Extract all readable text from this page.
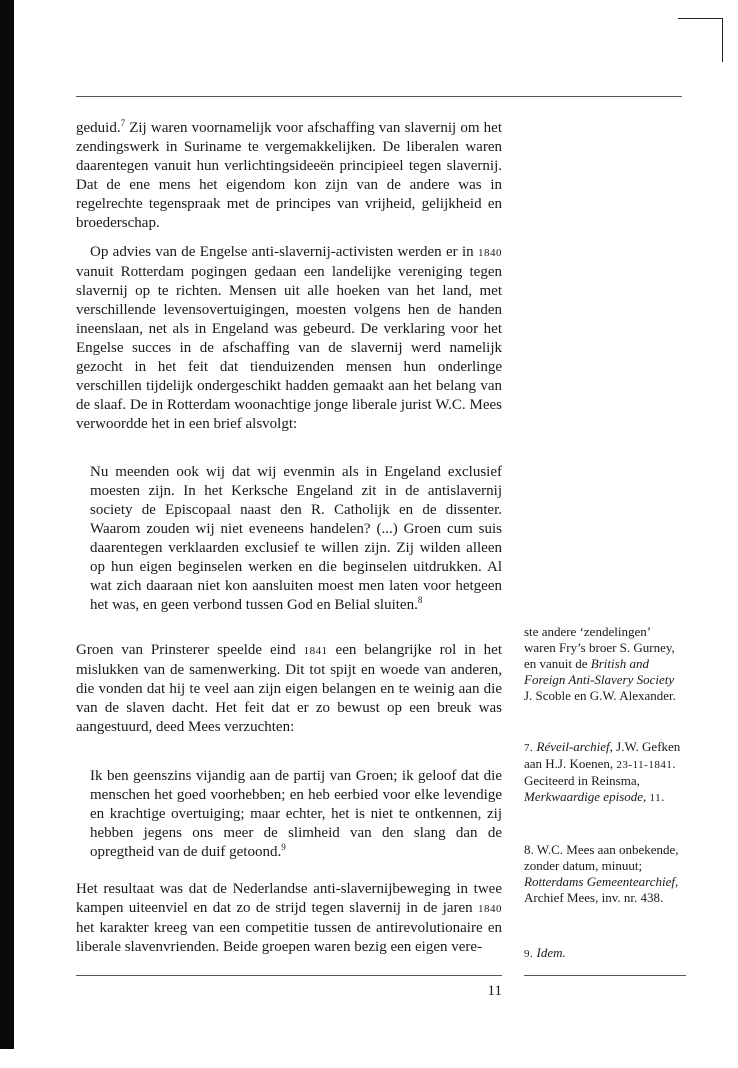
geduid.$^7$ Zij waren voornamelijk voor afschaffing van slavernij om het zendingswerk in Suriname te vergemakkelijken. De liberalen waren daarentegen vanuit hun verlichtingsideeën principieel tegen slavernij. Dat de ene mens het eigendom kon zijn van de andere was in regelrechte tegenspraak met de principes van vrijheid, gelijkheid en broederschap.

Op advies van de Engelse anti-slavernij-activisten werden er in 1840 vanuit Rotterdam pogingen gedaan een landelijke vereniging tegen slavernij op te richten. Mensen uit alle hoeken van het land, met verschillende levensovertuigingen, moesten volgens hen de handen ineenslaan, net als in Engeland was gebeurd. De verklaring voor het Engelse succes in de afschaffing van de slavernij werd namelijk gezocht in het feit dat tienduizenden mensen hun onderlinge verschillen tijdelijk ondergeschikt hadden gemaakt aan het belang van de slaaf. De in Rotterdam woonachtige jonge liberale jurist W.C. Mees verwoordde het in een brief alsvolgt:

Nu meenden ook wij dat wij evenmin als in Engeland exclusief moesten zijn. In het Kerksche Engeland zit in de antislavernij society de Episcopaal naast den R. Catholijk en de dissenter. Waarom zouden wij niet eveneens handelen? (...) Groen cum suis daarentegen verklaarden exclusief te willen zijn. Zij wilden alleen op hun eigen beginselen werken en die beginselen uitdrukken. Al wat zich daaraan niet kon aansluiten moest men laten voor hetgeen het was, en geen verbond tussen God en Belial sluiten.$^8$

Groen van Prinsterer speelde eind 1841 een belangrijke rol in het mislukken van de samenwerking. Dit tot spijt en woede van anderen, die vonden dat hij te veel aan zijn eigen belangen en te weinig aan die van de slaven dacht. Het feit dat er zo bewust op een breuk was aangestuurd, deed Mees verzuchten:

Ik ben geenszins vijandig aan de partij van Groen; ik geloof dat die menschen het goed voorhebben; en heb eerbied voor elke levendige en krachtige overtuiging; maar echter, het is niet te ontkennen, zij hebben jegens ons meer de slimheid van den slang dan de opregtheid van de duif getoond.$^9$

Het resultaat was dat de Nederlandse anti-slavernijbeweging in twee kampen uiteenviel en dat zo de strijd tegen slavernij in de jaren 1840 het karakter kreeg van een competitie tussen de antirevolutionaire en liberale slavenvrienden. Beide groepen waren bezig een eigen vere-

ste andere ‘zendelingen’ waren Fry’s broer S. Gurney, en vanuit de British and Foreign Anti-Slavery Society J. Scoble en G.W. Alexander.

7. Réveil-archief, J.W. Gefken aan H.J. Koenen, 23-11-1841. Geciteerd in Reinsma, Merkwaardige episode, 11.

8. W.C. Mees aan onbekende, zonder datum, minuut; Rotterdams Gemeentearchief, Archief Mees, inv. nr. 438.

9. Idem.

11
